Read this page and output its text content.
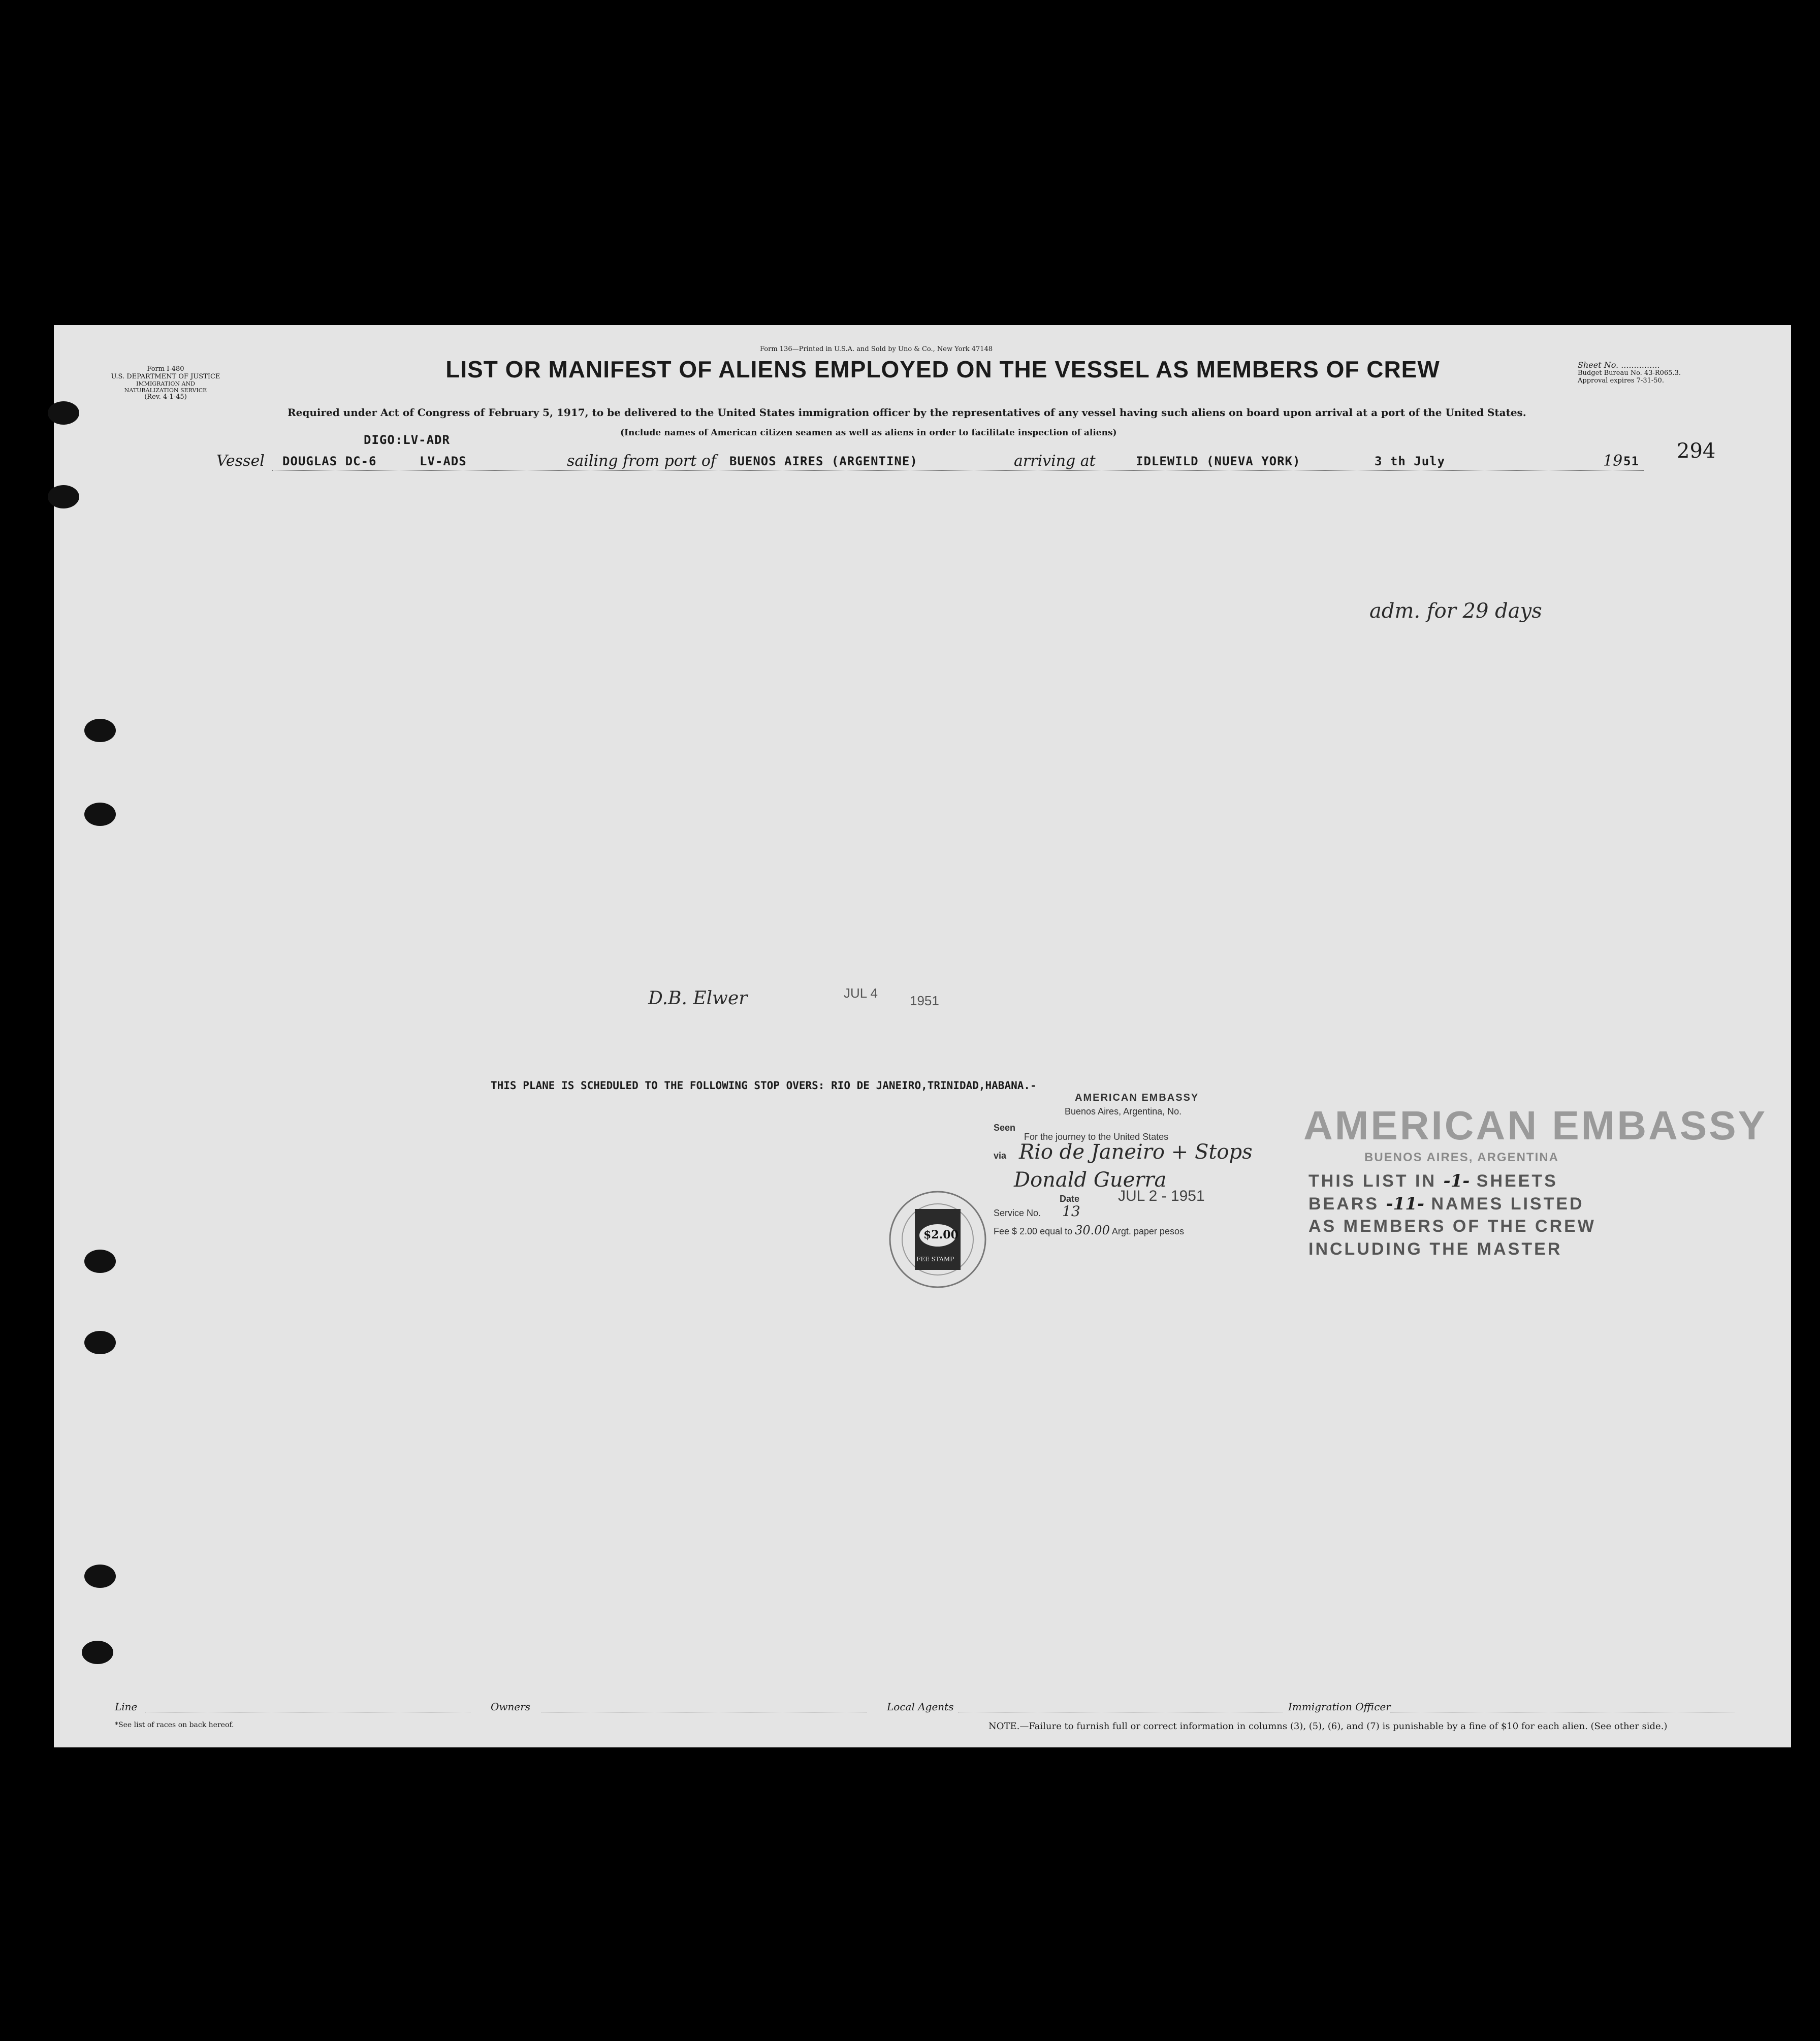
Form I-480
U.S. DEPARTMENT OF JUSTICE
IMMIGRATION AND NATURALIZATION SERVICE
(Rev. 4-1-45)
Form 136—Printed in U.S.A. and Sold by Uno & Co., New York 47148
LIST OR MANIFEST OF ALIENS EMPLOYED ON THE VESSEL AS MEMBERS OF CREW
Required under Act of Congress of February 5, 1917, to be delivered to the United States immigration officer by the representatives of any vessel having such aliens on board upon arrival at a port of the United States.
(Include names of American citizen seamen as well as aliens in order to facilitate inspection of aliens)
Sheet No. ...............
Budget Bureau No. 43-R065.3.
Approval expires 7-31-50.
294
DIGO:LV-ADR
Vessel DOUGLAS DC-6	LV-ADS	sailing from port of BUENOS AIRES (ARGENTINE)	arriving at	IDLEWILD (NUEVA YORK)	3 th July	19 51
THIS PLANE IS SCHEDULED TO THE FOLLOWING STOP OVERS: RIO DE JANEIRO,TRINIDAD,HABANA.-
adm. for 29 days
D.B. Elwer	JUL 4 1951
AMERICAN EMBASSY
Buenos Aires, Argentina, No.
Seen
For the journey to the United States
via Rio de Janeiro + Stops
Donald Guerra
Date	JUL 2 - 1951
Service No. 13
Fee $ 2.00 equal to 30.00 Argt. paper pesos
$2.00
FEE STAMP
AMERICAN EMBASSY
BUENOS AIRES, ARGENTINA
THIS LIST IN -1- SHEETS
BEARS -11- NAMES LISTED
AS MEMBERS OF THE CREW
INCLUDING THE MASTER
Line	Owners	Local Agents	Immigration Officer
*See list of races on back hereof.	NOTE.—Failure to furnish full or correct information in columns (3), (5), (6), and (7) is punishable by a fine of $10 for each alien. (See other side.)
